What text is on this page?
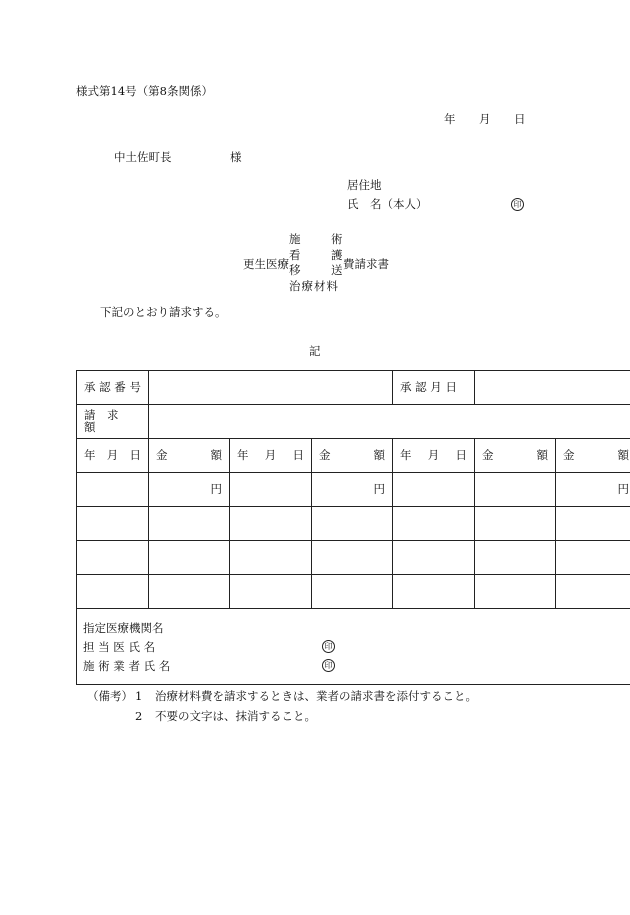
様式第14号（第8条関係）
年 月 日
中土佐町長	様
居住地
氏　名（本人）	印
更生医療
施
看
移
術
護
送
治療材料
費請求書
下記のとおり請求する。
記
承 認 番 号				承 認 月 日		
請　求　額						

年 月 日	金 額	年 月 日	金 額	年 月 日	金 額	金 額

	円		円			円

指定医療機関名
担 当 医 氏 名 印
施 術 業 者 氏 名 印						
（備考） 1 治療材料費を請求するときは、業者の請求書を添付すること。
2 不要の文字は、抹消すること。
